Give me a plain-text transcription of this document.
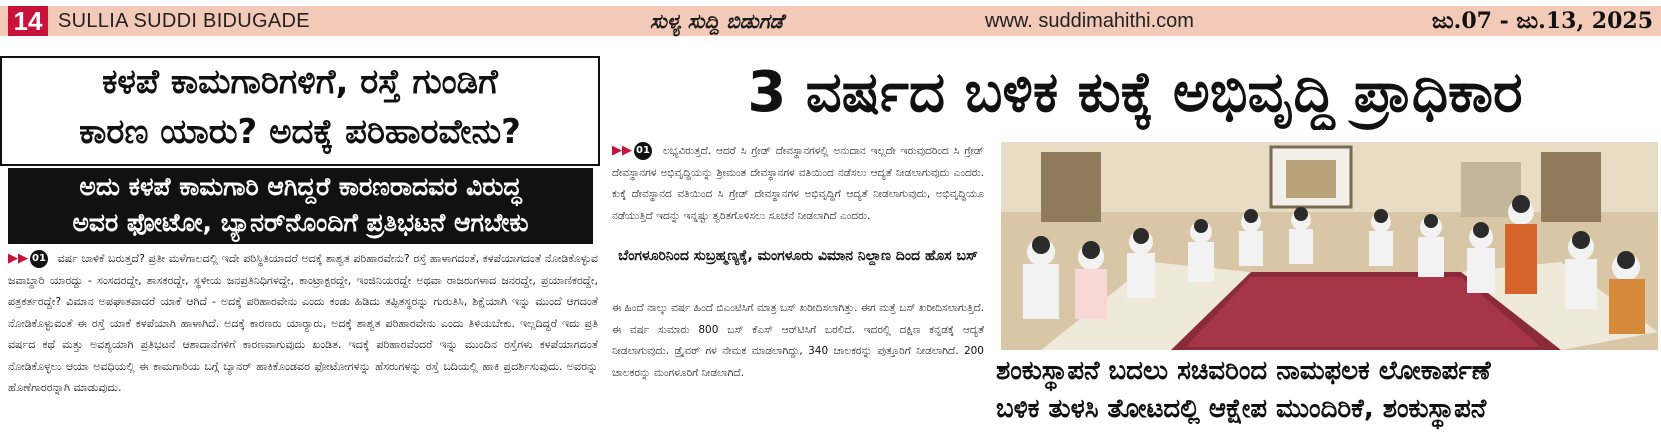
14 SULLIA SUDDI BIDUGADE	ಸುಳ್ಯ ಸುದ್ದಿ ಬಿಡುಗಡೆ	www. suddimahithi.com	ಜು.07 - ಜು.13, 2025
ಕಳಪೆ ಕಾಮಗಾರಿಗಳಿಗೆ, ರಸ್ತೆ ಗುಂಡಿಗೆ
ಕಾರಣ ಯಾರು? ಅದಕ್ಕೆ ಪರಿಹಾರವೇನು?
ಅದು ಕಳಪೆ ಕಾಮಗಾರಿ ಆಗಿದ್ದರೆ ಕಾರಣರಾದವರ ವಿರುದ್ಧ
ಅವರ ಫೋಟೋ, ಬ್ಯಾನರ್‌ನೊಂದಿಗೆ ಪ್ರತಿಭಟನೆ ಆಗಬೇಕು

▶▶ 01 ವರ್ಷ ಬಾಳಿಕೆ ಬರುತ್ತದೆ? ಪ್ರತೀ ಮಳೆಗಾಲದಲ್ಲಿ ಇದೇ ಪರಿಸ್ಥಿತಿಯಾದರೆ ಅದಕ್ಕೆ ಶಾಶ್ವತ ಪರಿಹಾರವೇನು? ರಸ್ತೆ ಹಾಳಾಗದಂತೆ, ಕಳಪೆಯಾಗದಂತೆ ನೋಡಿಕೊಳ್ಳುವ ಜವಾಬ್ದಾರಿ ಯಾರದ್ದು - ಸಂಸದರದ್ದೇ, ಶಾಸಕರದ್ದೇ, ಸ್ಥಳೀಯ ಜನಪ್ರತಿನಿಧಿಗಳದ್ದೇ, ಕಾಂಟ್ರಾಕ್ಟರದ್ದೇ, ಇಂಜಿನಿಯರದ್ದೇ ಅಥವಾ ರಾಜರುಗಳಾದ ಜನರದ್ದೇ, ಪ್ರಯಾಣಿಕರದ್ದೇ, ಪತ್ರಕರ್ತರದ್ದೇ? ವಿಮಾನ ಅಪಘಾತವಾದರೆ ಯಾಕೆ ಆಗಿದೆ - ಅದಕ್ಕೆ ಪರಿಹಾರವೇನು ಎಂದು ಕಂಡು ಹಿಡಿದು ತಪ್ಪಿತಸ್ಥರನ್ನು ಗುರುತಿಸಿ, ಶಿಕ್ಷೆಯಾಗಿ ಇನ್ನು ಮುಂದೆ ಆಗದಂತೆ ನೋಡಿಕೊಳ್ಳುವಂತೆ ಈ ರಸ್ತೆ ಯಾಕೆ ಕಳಪೆಯಾಗಿ ಹಾಳಾಗಿದೆ. ಅದಕ್ಕೆ ಕಾರಣರು ಯಾರ್‍ಯಾರು, ಅದಕ್ಕೆ ಶಾಶ್ವತ ಪರಿಹಾರವೇನು ಎಂದು ತಿಳಿಯಬೇಕು. ಇಲ್ಲದಿದ್ದರೆ ಇದು ಪ್ರತಿ ವರ್ಷದ ಕಥೆ ಮತ್ತು ಅವಶ್ಯಯಾಗಿ ಪ್ರತಿಭಟನೆ ಆಶಾದಾನೆಗಳಿಗೆ ಕಾರಣವಾಗುವುದು ಖಂಡಿತ. ಇದಕ್ಕೆ ಪರಿಹಾರವೆಂದರೆ ಇನ್ನು ಮುಂದಿನ ರಸ್ತೆಗಳು ಕಳಪೆಯಾಗದಂತೆ ನೋಡಿಕೊಳ್ಳಲು ಆಯಾ ಅವಧಿಯಲ್ಲಿ ಈ ಕಾಮಗಾರಿಯ ಬಗ್ಗೆ ಬ್ಯಾನರ್ ಹಾಕಿಕೊಂಡವರ ಫೋಟೋಗಳನ್ನು ಹೆಸರುಗಳನ್ನು ರಸ್ತೆ ಬದಿಯಲ್ಲಿ ಹಾಕಿ ಪ್ರದರ್ಶಿಸುವುದು. ಅವರನ್ನು ಹೊಣೆಗಾರರನ್ನಾಗಿ ಮಾಡುವುದು.

3 ವರ್ಷದ ಬಳಿಕ ಕುಕ್ಕೆ ಅಭಿವೃದ್ಧಿ ಪ್ರಾಧಿಕಾರ

▶▶ 01 ಲಭ್ಯವಿರುತ್ತದೆ. ಆದರೆ ಸಿ ಗ್ರೇಡ್ ದೇವಸ್ಥಾನಗಳಲ್ಲಿ ಅನುದಾನ ಇಲ್ಲದೇ ಇರುವುದರಿಂದ ಸಿ ಗ್ರೇಡ್ ದೇವಸ್ಥಾನಗಳ ಅಭಿವೃದ್ಧಿಯನ್ನು ಶ್ರೀಮಂತ ದೇವಸ್ಥಾನಗಳ ವತಿಯಿಂದ ನಡೆಸಲು ಆದ್ಯತೆ ನೀಡಲಾಗುವುದು ಎಂದರು. ಕುಕ್ಕೆ ದೇವಸ್ಥಾನದ ವತಿಯಿಂದ ಸಿ ಗ್ರೇಡ್ ದೇವಸ್ಥಾನಗಳ ಅಭಿವೃದ್ಧಿಗೆ ಆದ್ಯತೆ ನೀಡಲಾಗುವುದು, ಅಭಿವೃದ್ಧಿಯೂ ನಡೆಯುತ್ತಿದೆ ಇದನ್ನು ಇನ್ನಷ್ಟು ತ್ವರಿತಗೊಳಿಸಲು ಸೂಚನೆ ನೀಡಲಾಗಿದೆ ಎಂದರು.

ಬೆಂಗಳೂರಿನಿಂದ ಸುಬ್ರಹ್ಮಣ್ಯಕ್ಕೆ, ಮಂಗಳೂರು ವಿಮಾನ ನಿಲ್ದಾಣ ದಿಂದ ಹೊಸ ಬಸ್

ಈ ಹಿಂದೆ ನಾಲ್ಕು ವರ್ಷ ಹಿಂದೆ ಬಿಎಂಟಿಸಿಗೆ ಮಾತ್ರ ಬಸ್ ಖರೀದಿಸಲಾಗಿತ್ತು. ಈಗ ಮತ್ತೆ ಬಸ್ ಖರೀದಿಸಲಾಗುತ್ತಿದೆ. ಈ ವರ್ಷ ಸುಮಾರು 800 ಬಸ್ ಕೆಎಸ್ ಆರ್‌ಟಿಸಿಗೆ ಬರಲಿದೆ. ಇದರಲ್ಲಿ ದಕ್ಷಿಣ ಕನ್ನಡಕ್ಕೆ ಆದ್ಯತೆ ನೀಡಲಾಗುವುದು. ಡ್ರೈವರ್ ಗಳ ನೇಮಕ ಮಾಡಲಾಗಿದ್ದು, 340 ಚಾಲಕರನ್ನು ಪುತ್ತೂರಿಗೆ ನೀಡಲಾಗಿದೆ. 200 ಚಾಲಕರನ್ನು ಮಂಗಳೂರಿಗೆ ನೀಡಲಾಗಿದೆ.	ಶಂಕುಸ್ಥಾಪನೆ ಬದಲು ಸಚಿವರಿಂದ ನಾಮಫಲಕ ಲೋಕಾರ್ಪಣೆ
ಬಳಿಕ ತುಳಸಿ ತೋಟದಲ್ಲಿ ಆಕ್ಷೇಪ ಮುಂದಿರಿಕೆ, ಶಂಕುಸ್ಥಾಪನೆ
